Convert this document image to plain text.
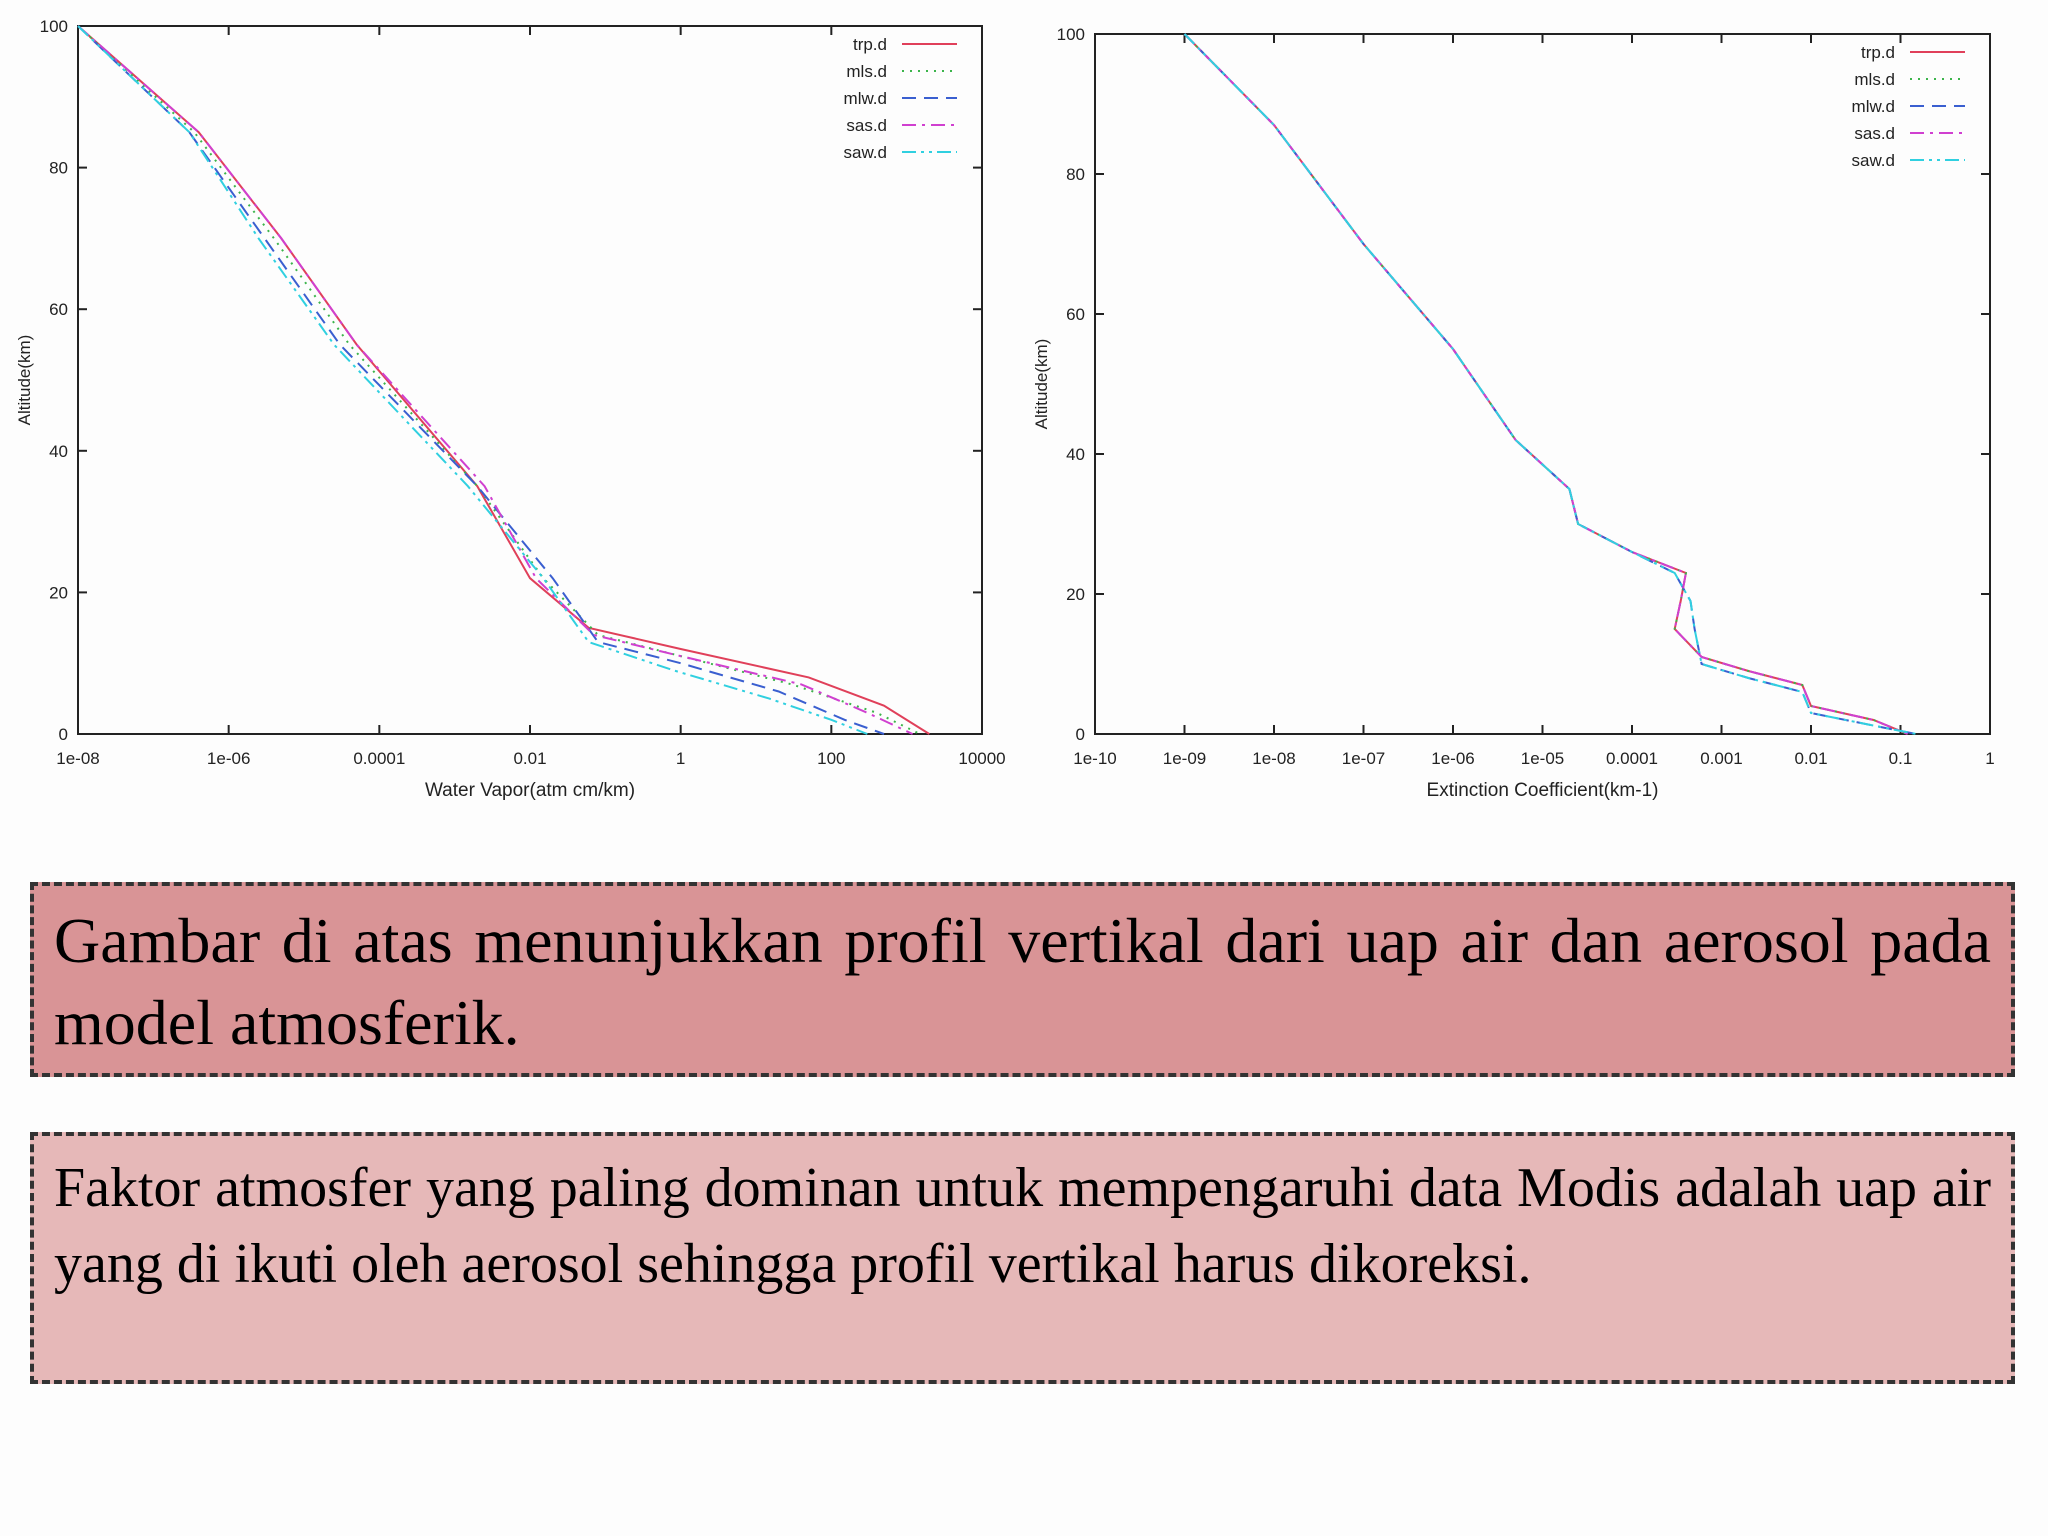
1e-08	1e-06	0.0001	0.01	1	100	10000
0
20
40
60
80
100
Water Vapor(atm cm/km)
Altitude(km)
trp.d
mls.d
mlw.d
sas.d
saw.d
1e-10	1e-09	1e-08	1e-07	1e-06	1e-05 0.0001 0.001	0.01	0.1	1
0
20
40
60
80
100
Extinction Coefficient(km-1)
Altitude(km)
trp.d
mls.d
mlw.d
sas.d
saw.d
Gambar di atas menunjukkan profil vertikal dari uap air dan aerosol pada model atmosferik.
Faktor atmosfer yang paling dominan untuk mempengaruhi data Modis adalah uap air yang di ikuti oleh aerosol sehingga profil vertikal harus dikoreksi.
